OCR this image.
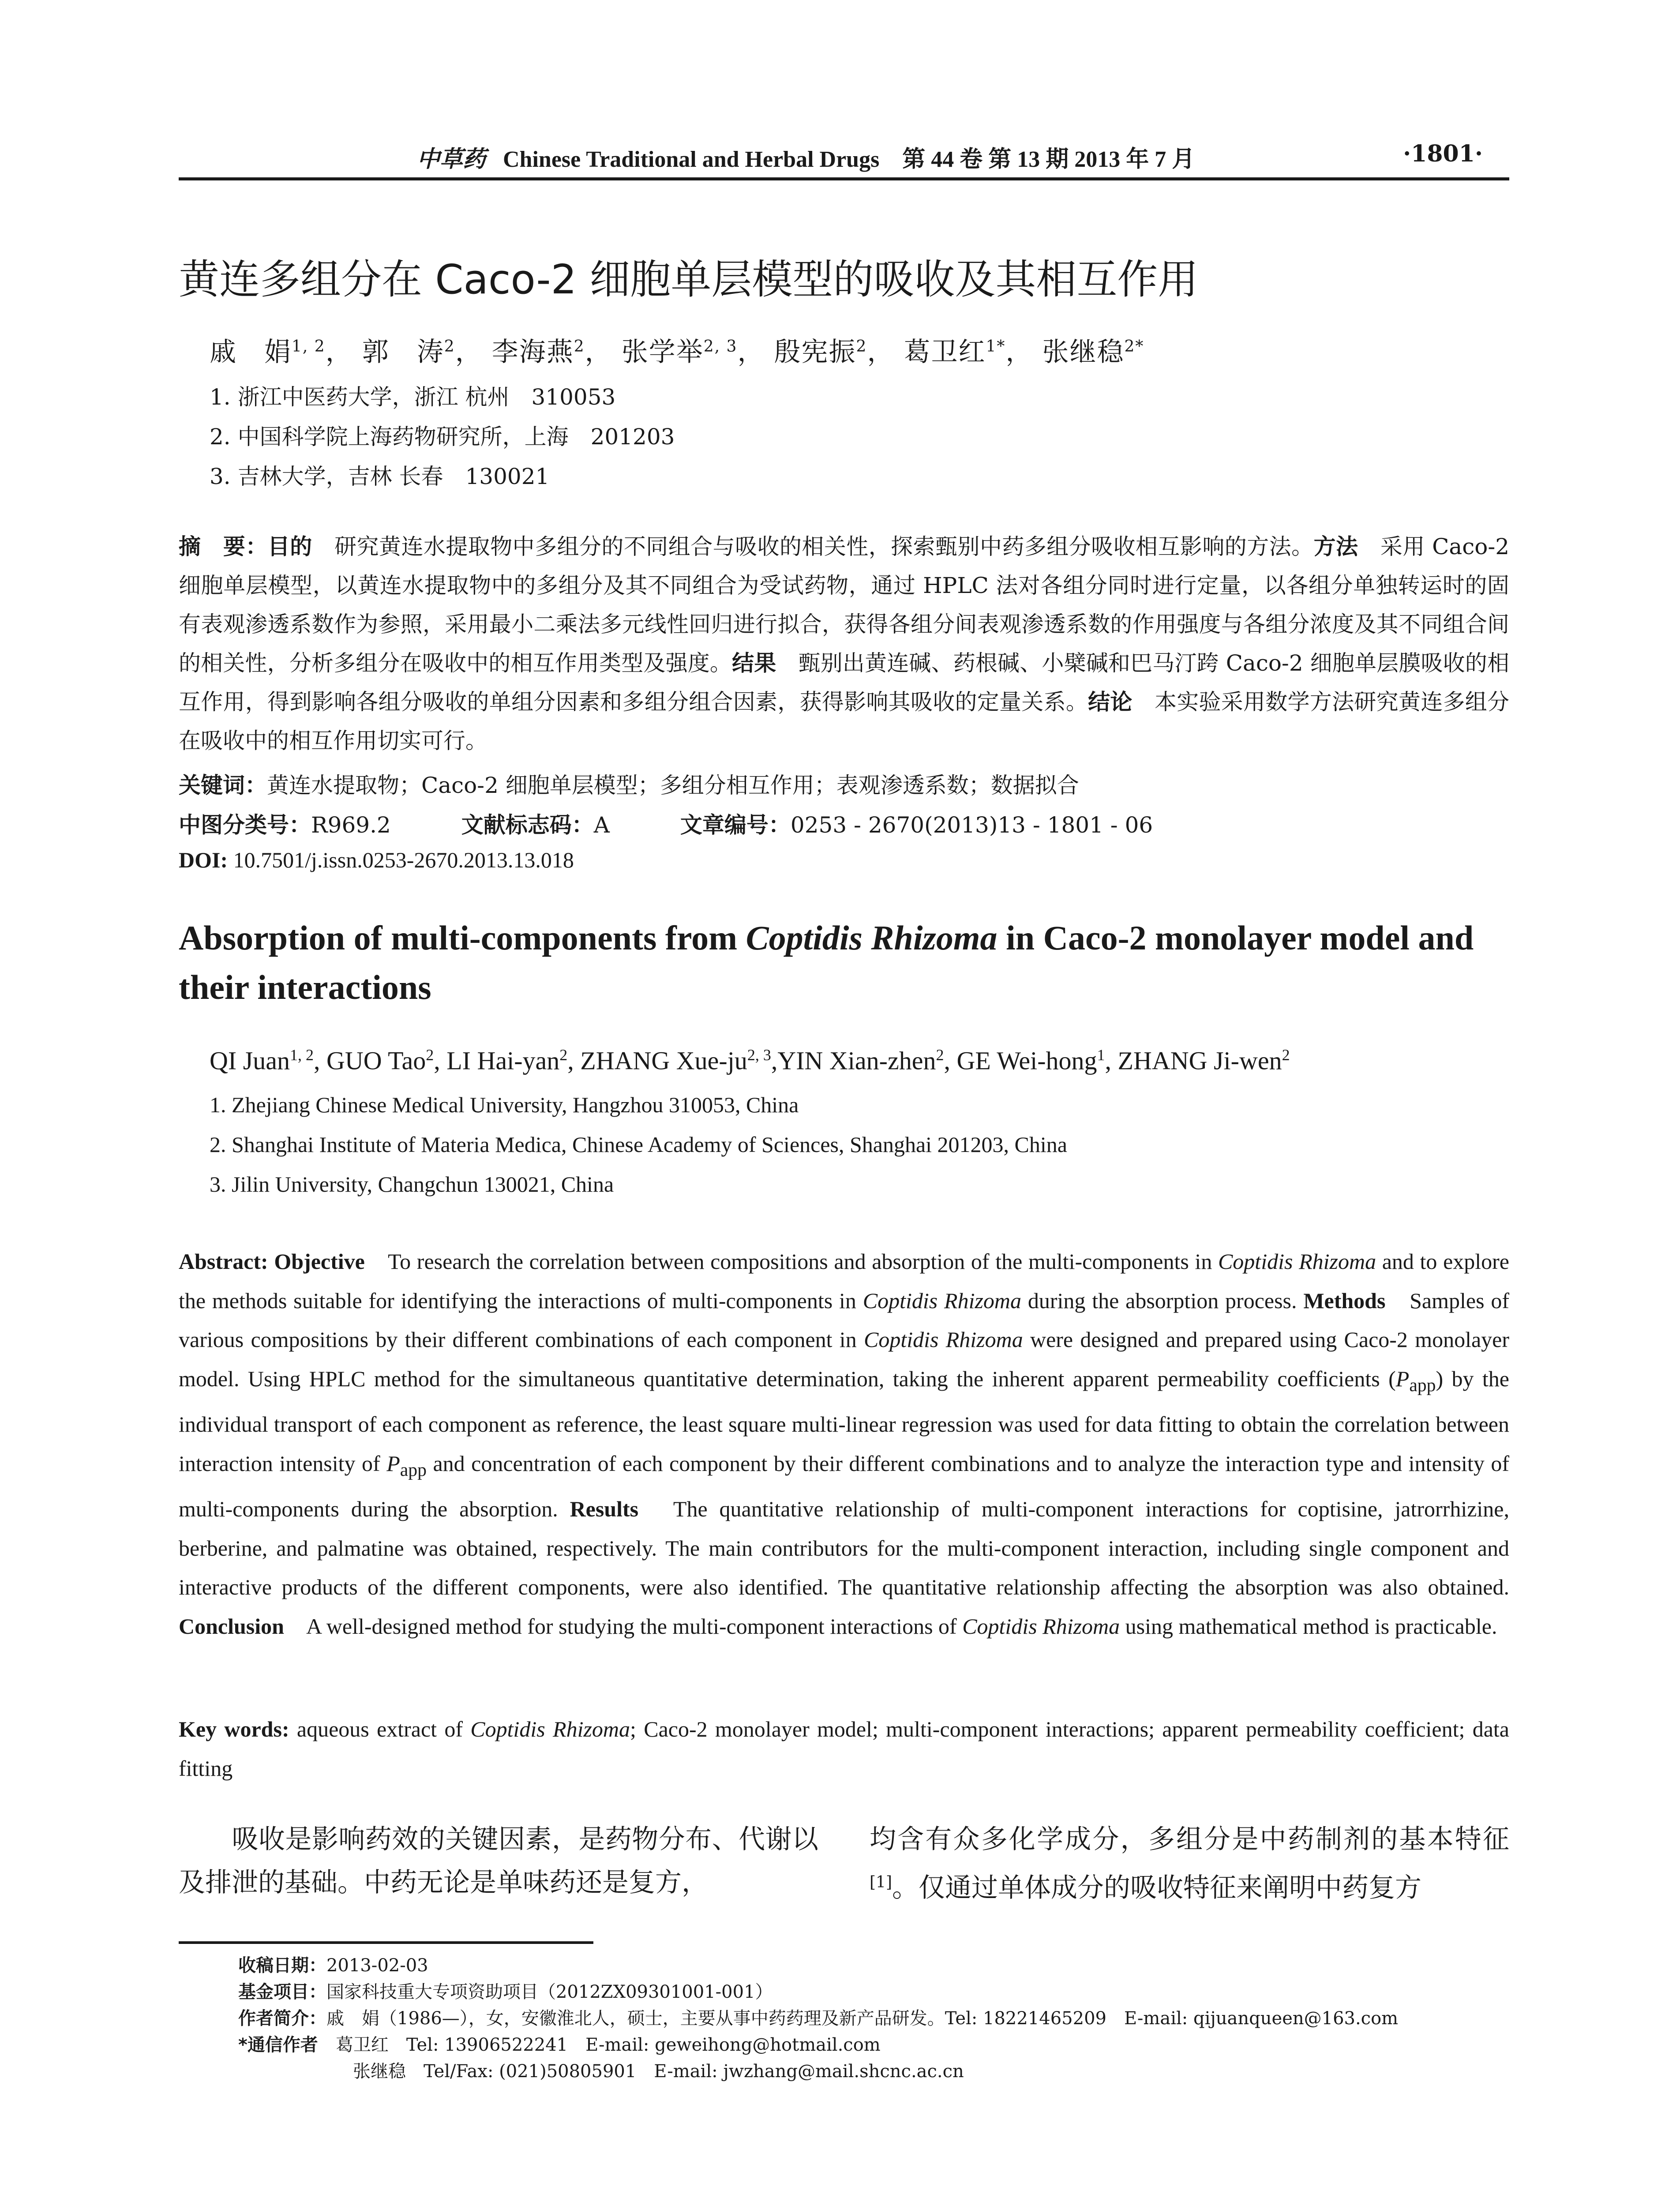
中草药 Chinese Traditional and Herbal Drugs　第 44 卷 第 13 期 2013 年 7 月	·1801·
黄连多组分在 Caco-2 细胞单层模型的吸收及其相互作用
戚　娟$^{1, 2}$， 郭　涛$^2$， 李海燕$^2$， 张学举$^{2, 3}$， 殷宪振$^2$， 葛卫红$^{1*}$， 张继稳$^{2*}$
1. 浙江中医药大学，浙江 杭州　310053
2. 中国科学院上海药物研究所，上海　201203
3. 吉林大学，吉林 长春　130021
摘　要：目的　研究黄连水提取物中多组分的不同组合与吸收的相关性，探索甄别中药多组分吸收相互影响的方法。方法　采用 Caco-2 细胞单层模型，以黄连水提取物中的多组分及其不同组合为受试药物，通过 HPLC 法对各组分同时进行定量，以各组分单独转运时的固有表观渗透系数作为参照，采用最小二乘法多元线性回归进行拟合，获得各组分间表观渗透系数的作用强度与各组分浓度及其不同组合间的相关性，分析多组分在吸收中的相互作用类型及强度。结果　甄别出黄连碱、药根碱、小檗碱和巴马汀跨 Caco-2 细胞单层膜吸收的相互作用，得到影响各组分吸收的单组分因素和多组分组合因素，获得影响其吸收的定量关系。结论　本实验采用数学方法研究黄连多组分在吸收中的相互作用切实可行。
关键词：黄连水提取物；Caco-2 细胞单层模型；多组分相互作用；表观渗透系数；数据拟合
中图分类号：R969.2	文献标志码：A	文章编号：0253 - 2670(2013)13 - 1801 - 06
DOI: 10.7501/j.issn.0253-2670.2013.13.018
Absorption of multi-components from Coptidis Rhizoma in Caco-2 monolayer model and their interactions
QI Juan$^{1, 2}$, GUO Tao$^2$, LI Hai-yan$^2$, ZHANG Xue-ju$^{2, 3}$,YIN Xian-zhen$^2$, GE Wei-hong$^1$, ZHANG Ji-wen$^2$
1. Zhejiang Chinese Medical University, Hangzhou 310053, China
2. Shanghai Institute of Materia Medica, Chinese Academy of Sciences, Shanghai 201203, China
3. Jilin University, Changchun 130021, China
Abstract: Objective　To research the correlation between compositions and absorption of the multi-components in Coptidis Rhizoma and to explore the methods suitable for identifying the interactions of multi-components in Coptidis Rhizoma during the absorption process. Methods　Samples of various compositions by their different combinations of each component in Coptidis Rhizoma were designed and prepared using Caco-2 monolayer model. Using HPLC method for the simultaneous quantitative determination, taking the inherent apparent permeability coefficients $(P_{app})$ by the individual transport of each component as reference, the least square multi-linear regression was used for data fitting to obtain the correlation between interaction intensity of $P_{app}$ and concentration of each component by their different combinations and to analyze the interaction type and intensity of multi-components during the absorption. Results　The quantitative relationship of multi-component interactions for coptisine, jatrorrhizine, berberine, and palmatine was obtained, respectively. The main contributors for the multi-component interaction, including single component and interactive products of the different components, were also identified. The quantitative relationship affecting the absorption was also obtained. Conclusion　A well-designed method for studying the multi-component interactions of Coptidis Rhizoma using mathematical method is practicable.
Key words: aqueous extract of Coptidis Rhizoma; Caco-2 monolayer model; multi-component interactions; apparent permeability coefficient; data fitting
吸收是影响药效的关键因素，是药物分布、代谢以及排泄的基础。中药无论是单味药还是复方，
均含有众多化学成分，多组分是中药制剂的基本特征[1]。仅通过单体成分的吸收特征来阐明中药复方
收稿日期：2013-02-03
基金项目：国家科技重大专项资助项目（2012ZX09301001-001）
作者简介：戚　娟（1986—），女，安徽淮北人，硕士，主要从事中药药理及新产品研发。Tel: 18221465209　E-mail: qijuanqueen@163.com
*通信作者　葛卫红　Tel: 13906522241　E-mail: geweihong@hotmail.com
张继稳　Tel/Fax: (021)50805901　E-mail: jwzhang@mail.shcnc.ac.cn
